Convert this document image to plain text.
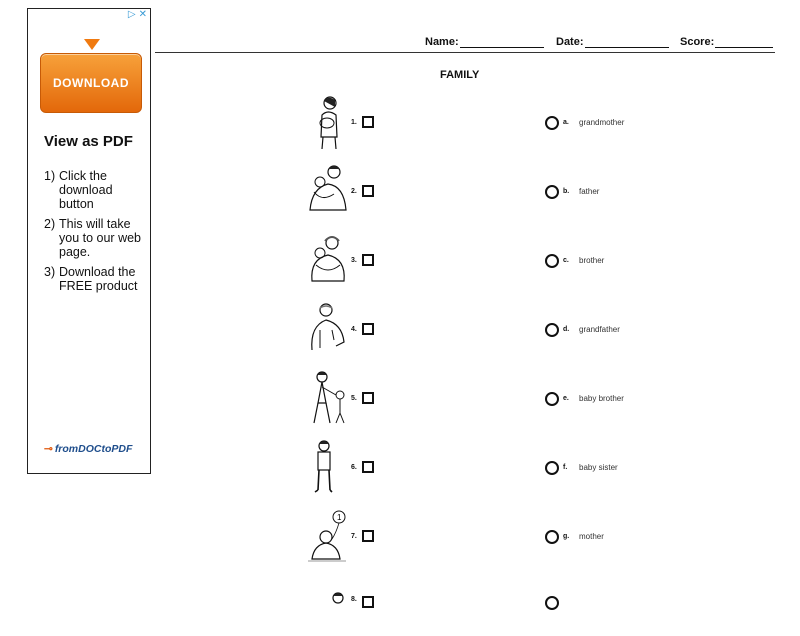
▷ ✕
DOWNLOAD
View as PDF
1) Click the download button
2) This will take you to our web page.
3) Download the FREE product
⊸ fromDOCtoPDF
Name:	Date:	Score:
FAMILY
1.	a. grandmother
2.	b. father
3.	c. brother
4.	d. grandfather
5.	e. baby brother
6.	f. baby sister
1
7.	g. mother
8.
